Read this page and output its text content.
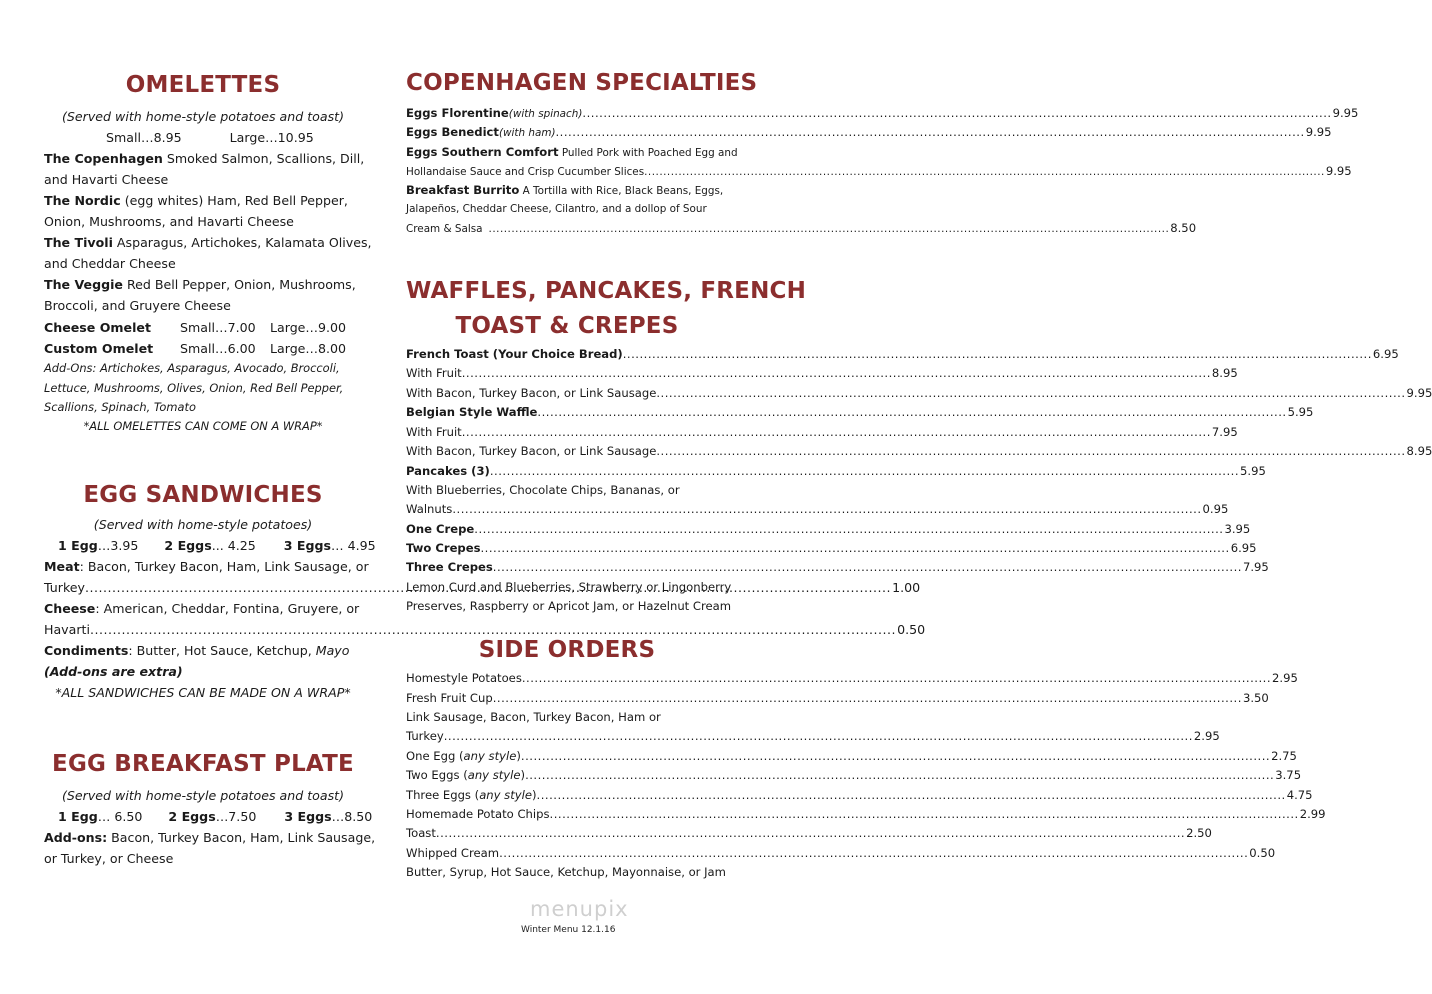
OMELETTES
(Served with home-style potatoes and toast)
Small…8.95	Large…10.95
The Copenhagen Smoked Salmon, Scallions, Dill,
and Havarti Cheese
The Nordic (egg whites) Ham, Red Bell Pepper,
Onion, Mushrooms, and Havarti Cheese
The Tivoli Asparagus, Artichokes, Kalamata Olives,
and Cheddar Cheese
The Veggie Red Bell Pepper, Onion, Mushrooms,
Broccoli, and Gruyere Cheese
Cheese Omelet Small…7.00 Large…9.00
Custom Omelet Small…6.00 Large…8.00
Add-Ons: Artichokes, Asparagus, Avocado, Broccoli,
Lettuce, Mushrooms, Olives, Onion, Red Bell Pepper,
Scallions, Spinach, Tomato
*ALL OMELETTES CAN COME ON A WRAP*
EGG SANDWICHES
(Served with home-style potatoes)
1 Egg…3.95 2 Eggs... 4.25 3 Eggs… 4.95
Meat: Bacon, Turkey Bacon, Ham, Link Sausage, or
Turkey .....	1.00
Cheese: American, Cheddar, Fontina, Gruyere, or
Havarti .....	0.50
Condiments: Butter, Hot Sauce, Ketchup, Mayo
(Add-ons are extra)
*ALL SANDWICHES CAN BE MADE ON A WRAP*
EGG BREAKFAST PLATE
(Served with home-style potatoes and toast)
1 Egg… 6.50 2 Eggs…7.50 3 Eggs…8.50
Add-ons: Bacon, Turkey Bacon, Ham, Link Sausage,
or Turkey, or Cheese
COPENHAGEN SPECIALTIES
Eggs Florentine (with spinach) .....	9.95
Eggs Benedict (with ham) .....	9.95
Eggs Southern Comfort Pulled Pork with Poached Egg and
Hollandaise Sauce and Crisp Cucumber Slices .....	9.95
Breakfast Burrito A Tortilla with Rice, Black Beans, Eggs,
Jalapeños, Cheddar Cheese, Cilantro, and a dollop of Sour
Cream & Salsa .....	8.50
WAFFLES, PANCAKES, FRENCH
TOAST & CREPES
French Toast (Your Choice Bread) .....	6.95
With Fruit .....	8.95
With Bacon, Turkey Bacon, or Link Sausage .....	9.95
Belgian Style Waffle .....	5.95
With Fruit .....	7.95
With Bacon, Turkey Bacon, or Link Sausage .....	8.95
Pancakes (3) .....	5.95
With Blueberries, Chocolate Chips, Bananas, or
Walnuts .....	0.95
One Crepe .....	3.95
Two Crepes .....	6.95
Three Crepes .....	7.95
Lemon Curd and Blueberries, Strawberry or Lingonberry
Preserves, Raspberry or Apricot Jam, or Hazelnut Cream
SIDE ORDERS
Homestyle Potatoes .....	2.95
Fresh Fruit Cup .....	3.50
Link Sausage, Bacon, Turkey Bacon, Ham or
Turkey .....	2.95
One Egg (any style) .....	2.75
Two Eggs (any style) .....	3.75
Three Eggs (any style) .....	4.75
Homemade Potato Chips .....	2.99
Toast .....	2.50
Whipped Cream .....	0.50
Butter, Syrup, Hot Sauce, Ketchup, Mayonnaise, or Jam
menupix
Winter Menu 12.1.16
